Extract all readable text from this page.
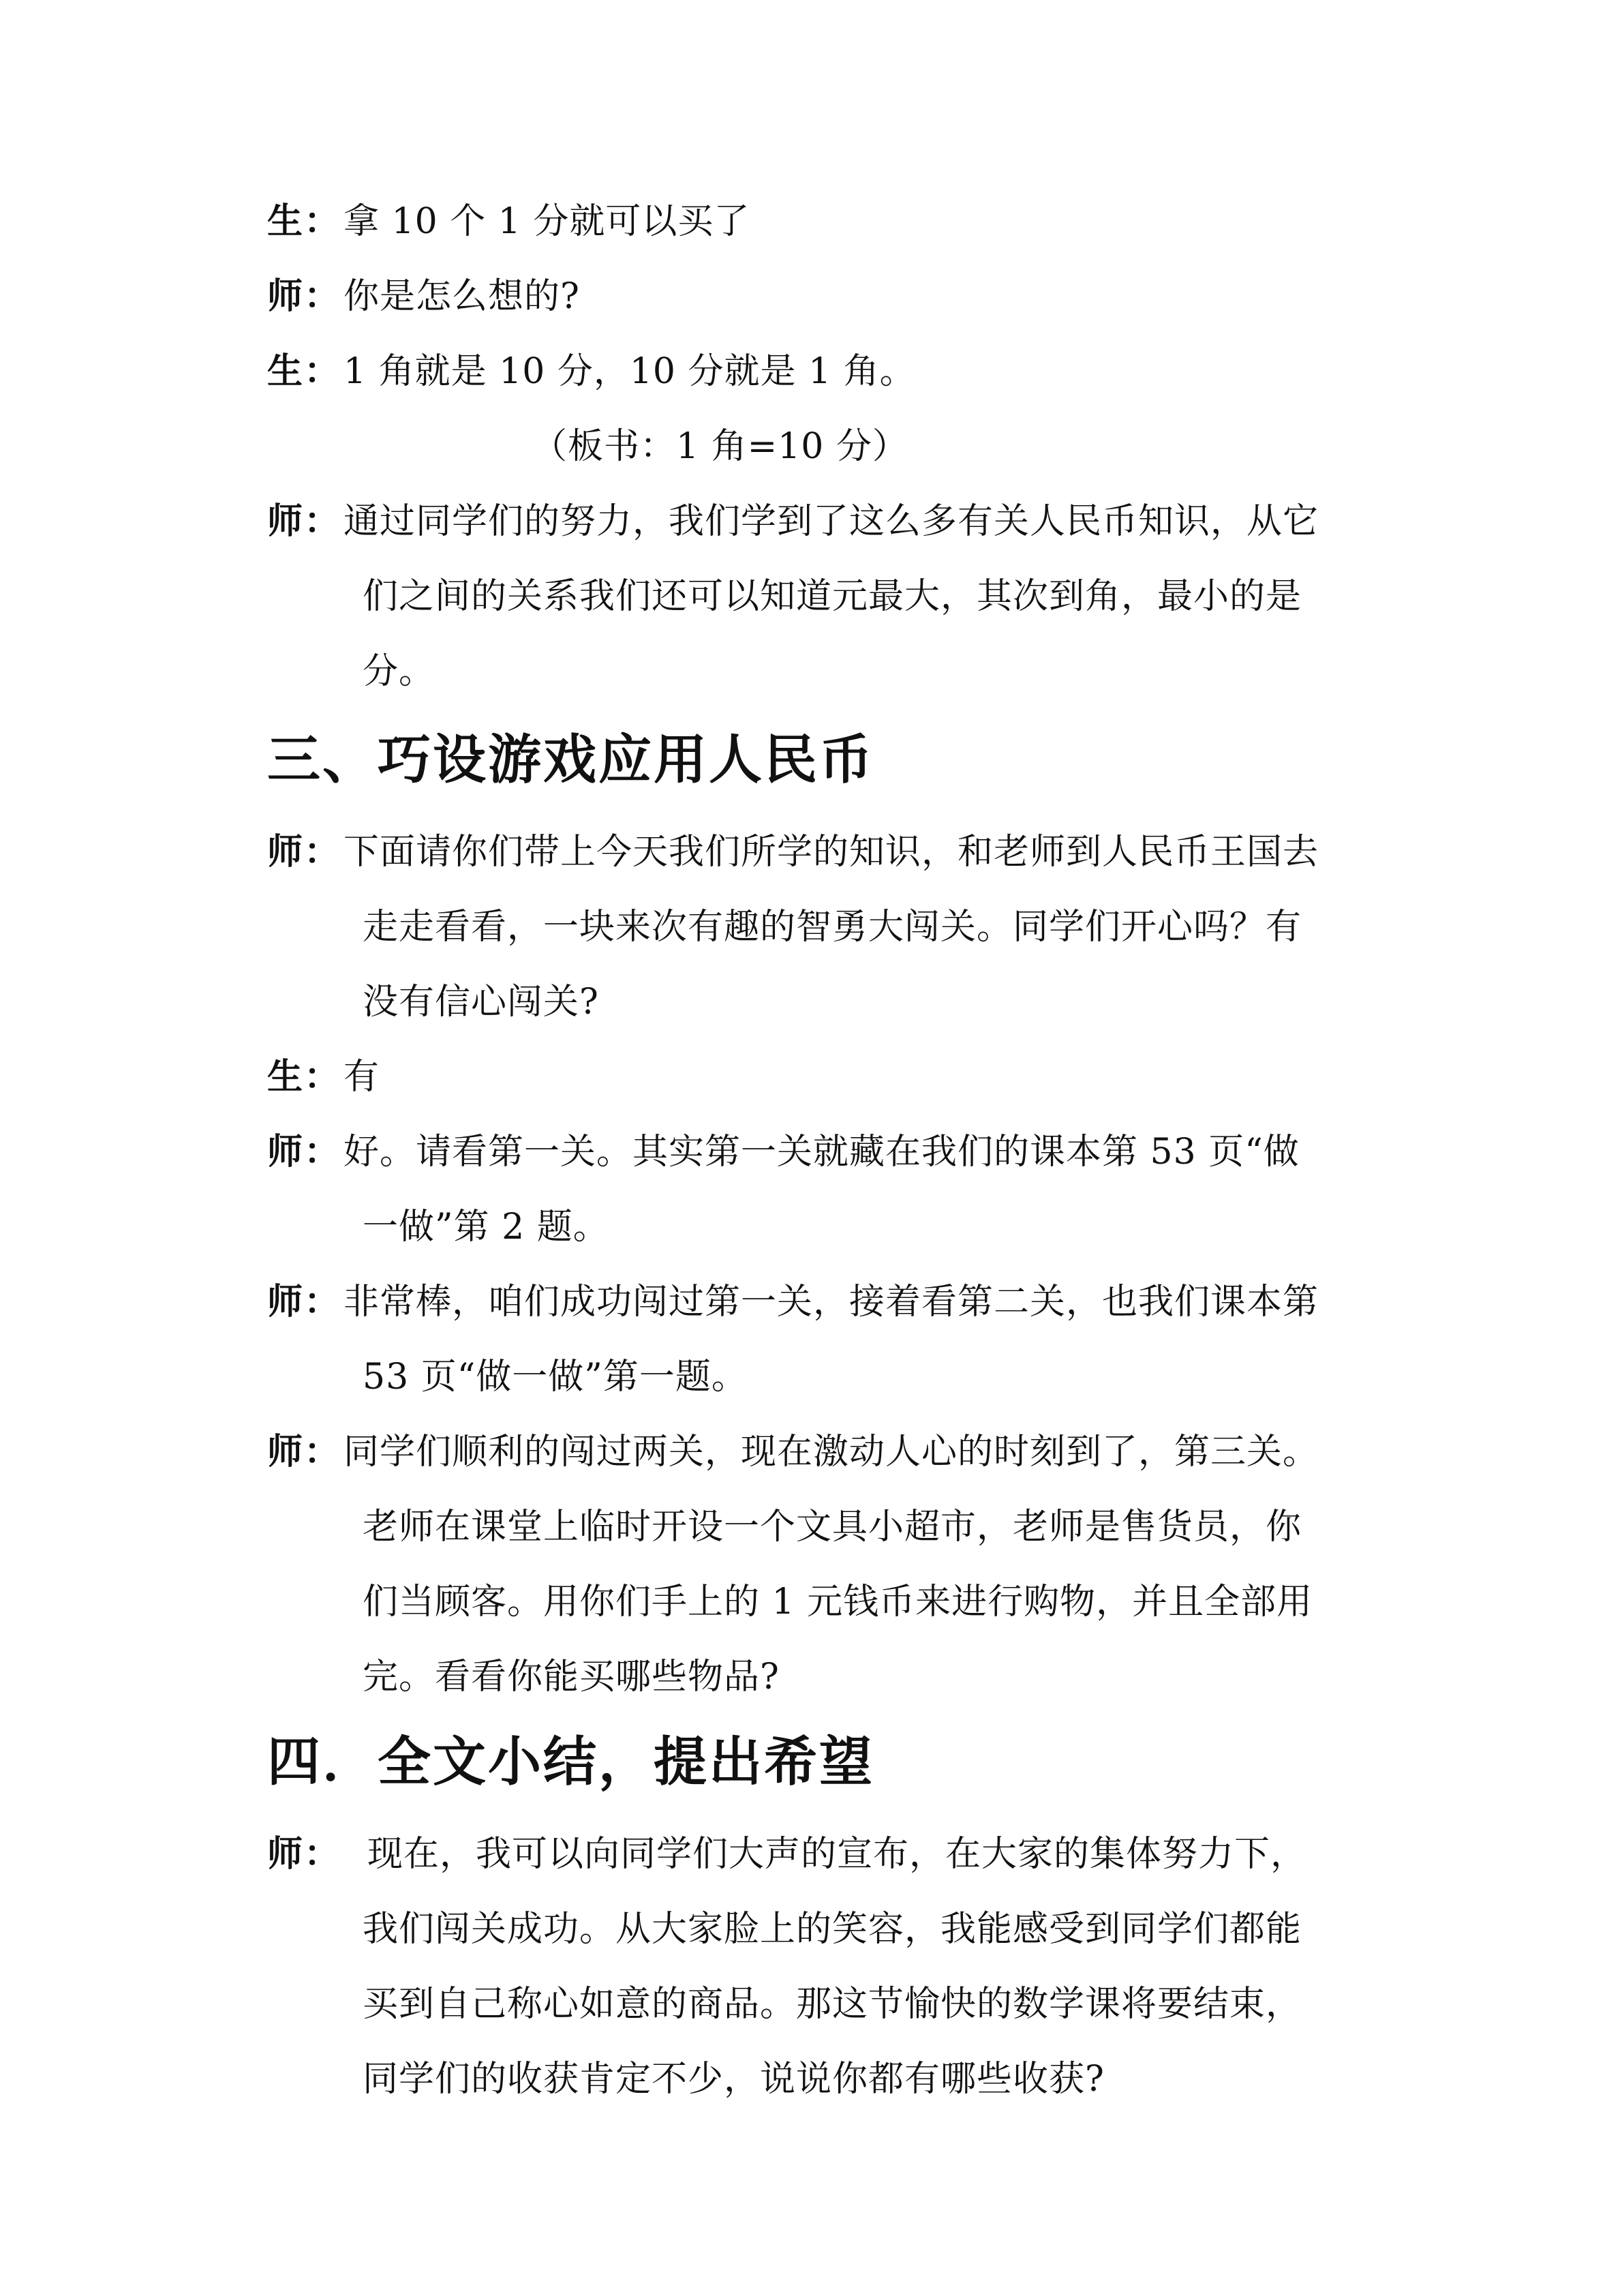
生： 拿 10 个 1 分就可以买了
师： 你是怎么想的?
生： 1 角就是 10 分，10 分就是 1 角。
（板书：1 角=10 分）
师： 通过同学们的努力，我们学到了这么多有关人民币知识，从它
们之间的关系我们还可以知道元最大，其次到角，最小的是
分。
三、巧设游戏应用人民币
师： 下面请你们带上今天我们所学的知识，和老师到人民币王国去
走走看看，一块来次有趣的智勇大闯关。同学们开心吗？有
没有信心闯关?
生： 有
师： 好。请看第一关。其实第一关就藏在我们的课本第 53 页“做
一做”第 2 题。
师： 非常棒，咱们成功闯过第一关，接着看第二关，也我们课本第
53 页“做一做”第一题。
师： 同学们顺利的闯过两关，现在激动人心的时刻到了，第三关。
老师在课堂上临时开设一个文具小超市，老师是售货员，你
们当顾客。用你们手上的 1 元钱币来进行购物，并且全部用
完。看看你能买哪些物品?
四．全文小结，提出希望
师： 现在，我可以向同学们大声的宣布，在大家的集体努力下，
我们闯关成功。从大家脸上的笑容，我能感受到同学们都能
买到自己称心如意的商品。那这节愉快的数学课将要结束，
同学们的收获肯定不少，说说你都有哪些收获?
